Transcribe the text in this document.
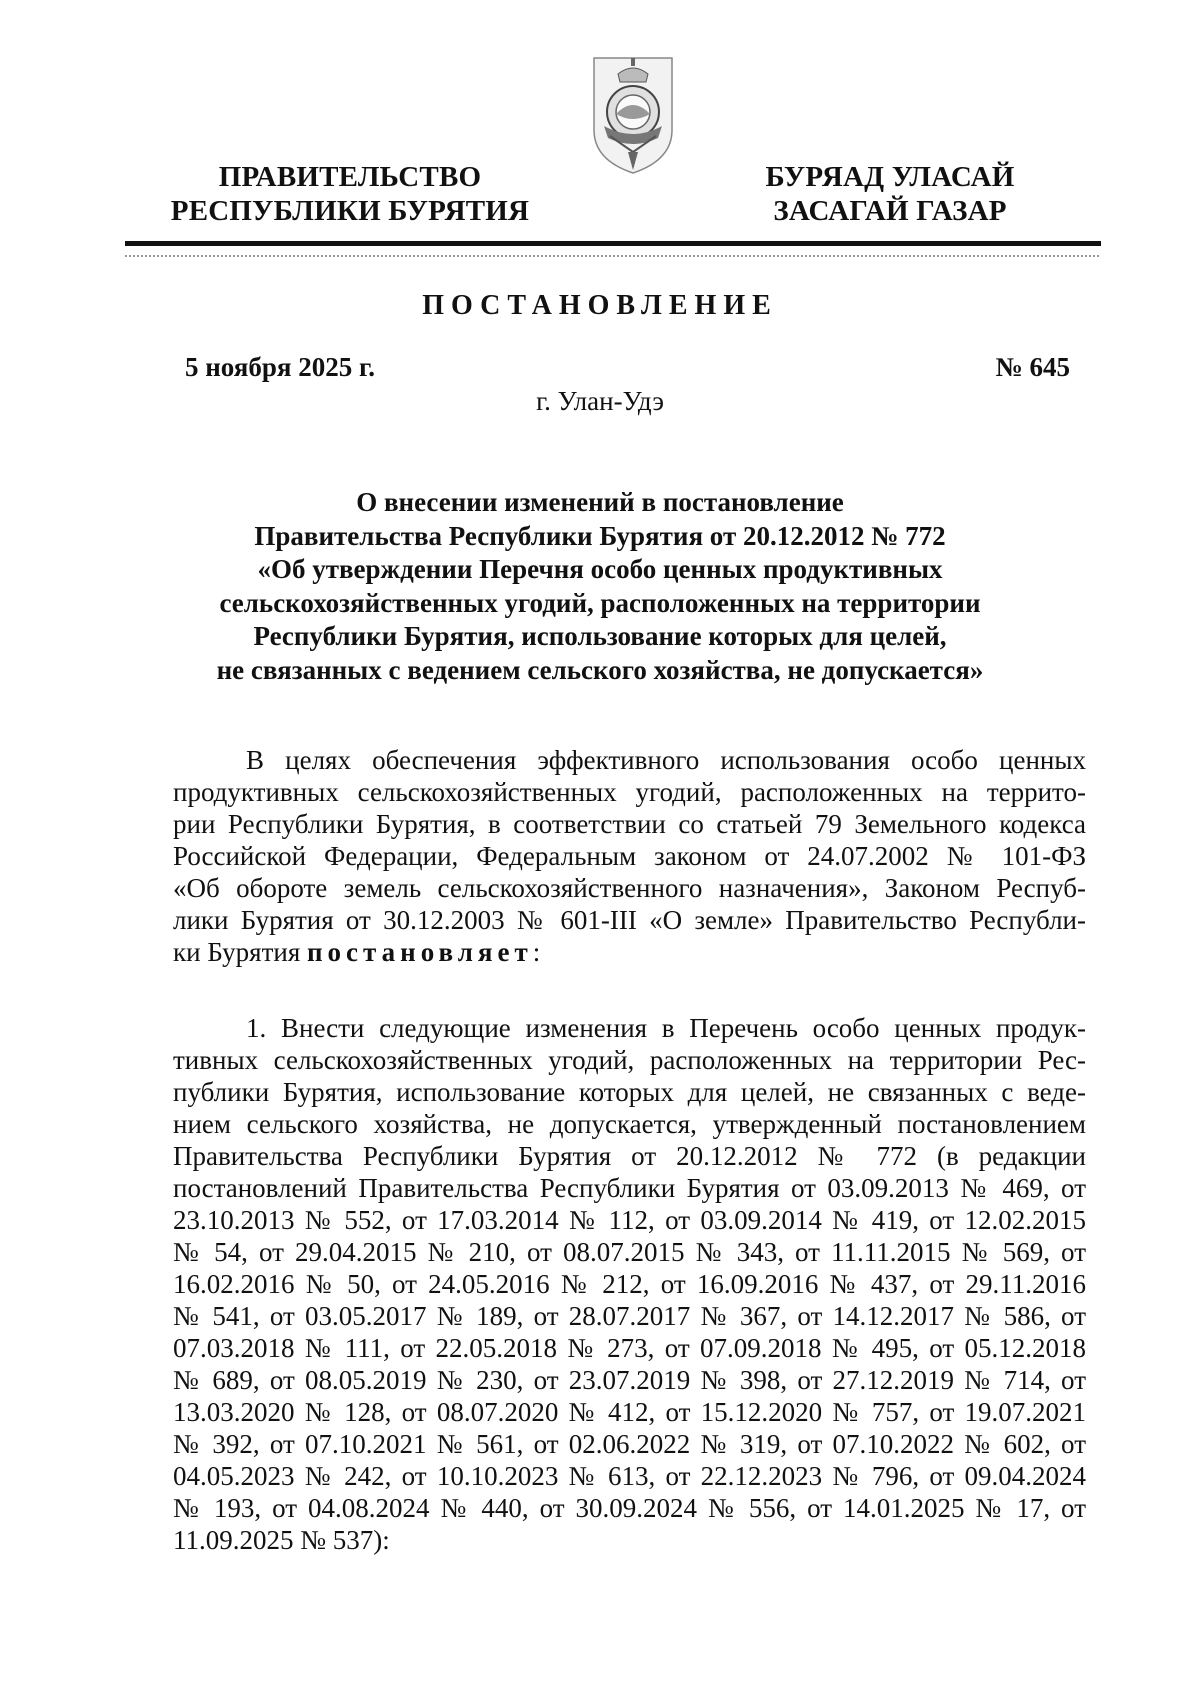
ПРАВИТЕЛЬСТВО
РЕСПУБЛИКИ БУРЯТИЯ
БУРЯАД УЛАСАЙ
ЗАСАГАЙ ГАЗАР
ПОСТАНОВЛЕНИЕ
5 ноября 2025 г.	№ 645
г. Улан-Удэ
О внесении изменений в постановление
Правительства Республики Бурятия от 20.12.2012 № 772
«Об утверждении Перечня особо ценных продуктивных
сельскохозяйственных угодий, расположенных на территории
Республики Бурятия, использование которых для целей,
не связанных с ведением сельского хозяйства, не допускается»
В целях обеспечения эффективного использования особо ценных
продуктивных сельскохозяйственных угодий, расположенных на террито-
рии Республики Бурятия, в соответствии со статьей 79 Земельного кодекса
Российской Федерации, Федеральным законом от 24.07.2002 № 101-ФЗ
«Об обороте земель сельскохозяйственного назначения», Законом Респуб-
лики Бурятия от 30.12.2003 № 601-III «О земле» Правительство Республи-
ки Бурятия постановляет:
1. Внести следующие изменения в Перечень особо ценных продук-
тивных сельскохозяйственных угодий, расположенных на территории Рес-
публики Бурятия, использование которых для целей, не связанных с веде-
нием сельского хозяйства, не допускается, утвержденный постановлением
Правительства Республики Бурятия от 20.12.2012 № 772 (в редакции
постановлений Правительства Республики Бурятия от 03.09.2013 № 469, от
23.10.2013 № 552, от 17.03.2014 № 112, от 03.09.2014 № 419, от 12.02.2015
№ 54, от 29.04.2015 № 210, от 08.07.2015 № 343, от 11.11.2015 № 569, от
16.02.2016 № 50, от 24.05.2016 № 212, от 16.09.2016 № 437, от 29.11.2016
№ 541, от 03.05.2017 № 189, от 28.07.2017 № 367, от 14.12.2017 № 586, от
07.03.2018 № 111, от 22.05.2018 № 273, от 07.09.2018 № 495, от 05.12.2018
№ 689, от 08.05.2019 № 230, от 23.07.2019 № 398, от 27.12.2019 № 714, от
13.03.2020 № 128, от 08.07.2020 № 412, от 15.12.2020 № 757, от 19.07.2021
№ 392, от 07.10.2021 № 561, от 02.06.2022 № 319, от 07.10.2022 № 602, от
04.05.2023 № 242, от 10.10.2023 № 613, от 22.12.2023 № 796, от 09.04.2024
№ 193, от 04.08.2024 № 440, от 30.09.2024 № 556, от 14.01.2025 № 17, от
11.09.2025 № 537):
